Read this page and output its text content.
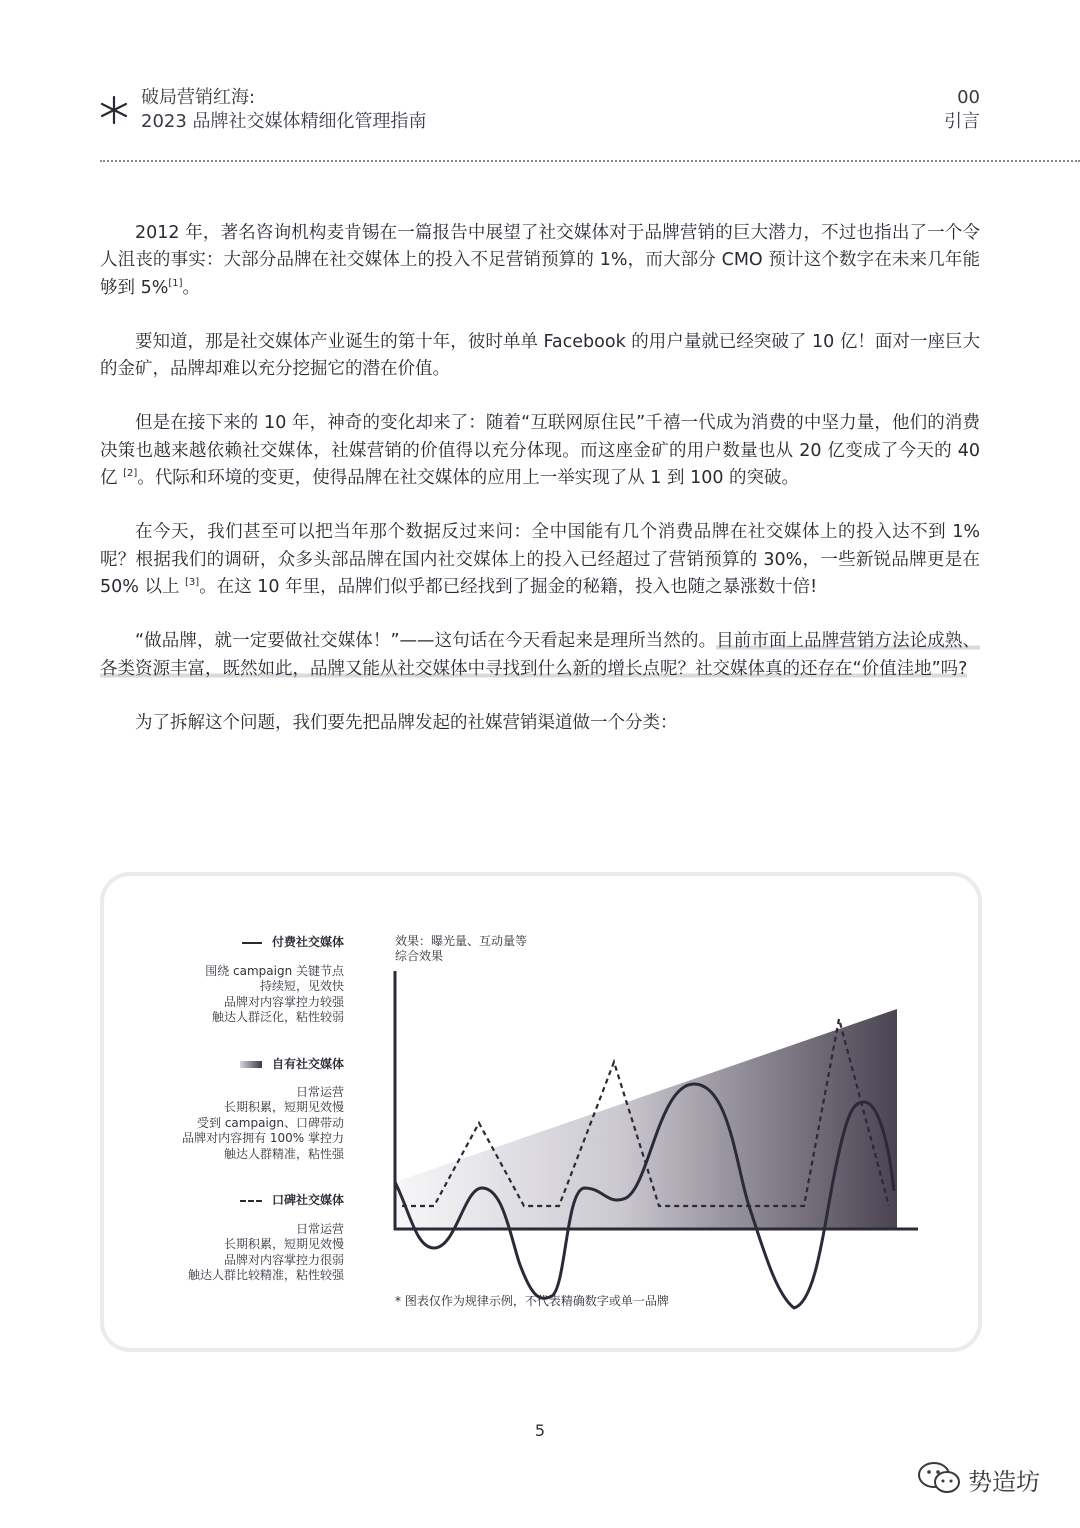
破局营销红海:
2023 品牌社交媒体精细化管理指南
00
引言

2012 年，著名咨询机构麦肯锡在一篇报告中展望了社交媒体对于品牌营销的巨大潜力，不过也指出了一个令人沮丧的事实：大部分品牌在社交媒体上的投入不足营销预算的 1%，而大部分 CMO 预计这个数字在未来几年能够到 5%[1]。

要知道，那是社交媒体产业诞生的第十年，彼时单单 Facebook 的用户量就已经突破了 10 亿！面对一座巨大的金矿，品牌却难以充分挖掘它的潜在价值。

但是在接下来的 10 年，神奇的变化却来了：随着“互联网原住民”千禧一代成为消费的中坚力量，他们的消费决策也越来越依赖社交媒体，社媒营销的价值得以充分体现。而这座金矿的用户数量也从 20 亿变成了今天的 40 亿 [2]。代际和环境的变更，使得品牌在社交媒体的应用上一举实现了从 1 到 100 的突破。

在今天，我们甚至可以把当年那个数据反过来问：全中国能有几个消费品牌在社交媒体上的投入达不到 1% 呢？根据我们的调研，众多头部品牌在国内社交媒体上的投入已经超过了营销预算的 30%，一些新锐品牌更是在 50% 以上 [3]。在这 10 年里，品牌们似乎都已经找到了掘金的秘籍，投入也随之暴涨数十倍!

“做品牌，就一定要做社交媒体！”——这句话在今天看起来是理所当然的。目前市面上品牌营销方法论成熟、各类资源丰富，既然如此，品牌又能从社交媒体中寻找到什么新的增长点呢？社交媒体真的还存在“价值洼地”吗?

为了拆解这个问题，我们要先把品牌发起的社媒营销渠道做一个分类：

付费社交媒体
围绕 campaign 关键节点
持续短，见效快
品牌对内容掌控力较强
触达人群泛化，粘性较弱
自有社交媒体
日常运营
长期积累，短期见效慢
受到 campaign、口碑带动
品牌对内容拥有 100% 掌控力
触达人群精准，粘性强
口碑社交媒体
日常运营
长期积累，短期见效慢
品牌对内容掌控力很弱
触达人群比较精准，粘性较强
效果：曝光量、互动量等
综合效果
* 图表仅作为规律示例，不代表精确数字或单一品牌
5
势造坊
